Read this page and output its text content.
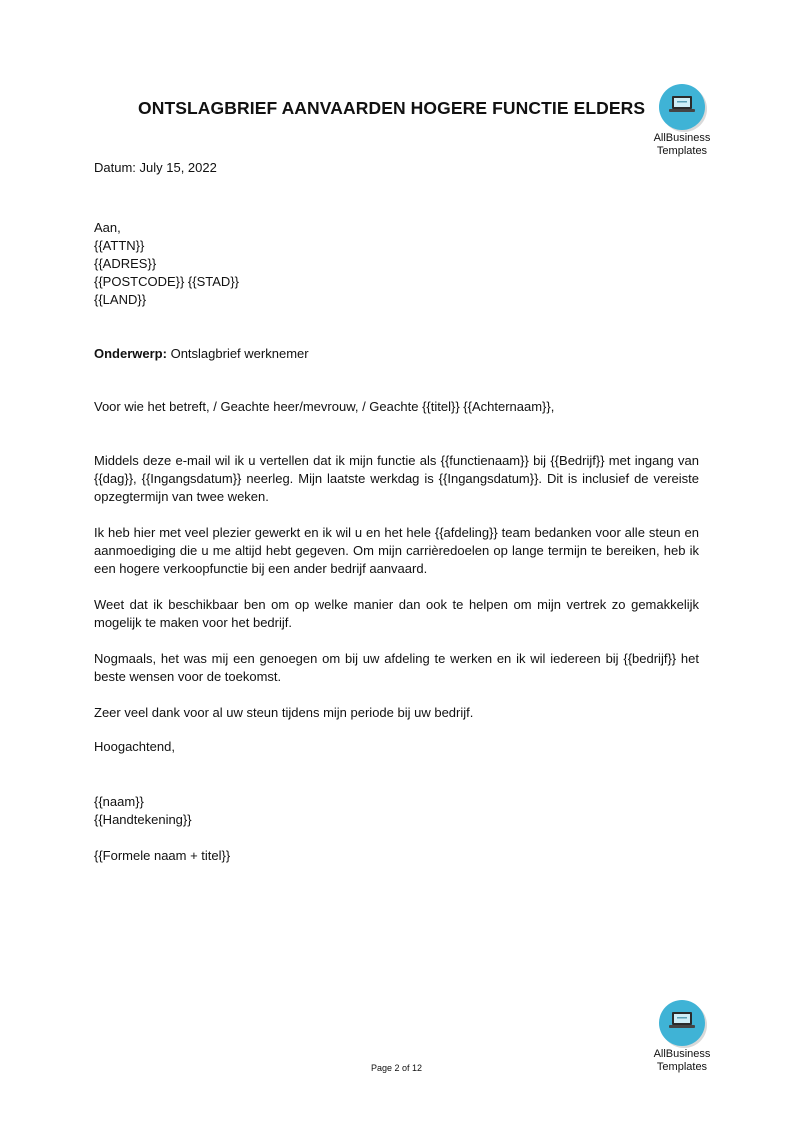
ONTSLAGBRIEF AANVAARDEN HOGERE FUNCTIE ELDERS
AllBusiness
Templates
Datum: July 15, 2022
Aan,
{{ATTN}}
{{ADRES}}
{{POSTCODE}} {{STAD}}
{{LAND}}
Onderwerp: Ontslagbrief werknemer
Voor wie het betreft, / Geachte heer/mevrouw, / Geachte {{titel}} {{Achternaam}},
Middels deze e-mail wil ik u vertellen dat ik mijn functie als {{functienaam}} bij {{Bedrijf}} met ingang van {{dag}}, {{Ingangsdatum}} neerleg. Mijn laatste werkdag is {{Ingangsdatum}}. Dit is inclusief de vereiste opzegtermijn van twee weken.
Ik heb hier met veel plezier gewerkt en ik wil u en het hele {{afdeling}} team bedanken voor alle steun en aanmoediging die u me altijd hebt gegeven. Om mijn carrièredoelen op lange termijn te bereiken, heb ik een hogere verkoopfunctie bij een ander bedrijf aanvaard.
Weet dat ik beschikbaar ben om op welke manier dan ook te helpen om mijn vertrek zo gemakkelijk mogelijk te maken voor het bedrijf.
Nogmaals, het was mij een genoegen om bij uw afdeling te werken en ik wil iedereen bij {{bedrijf}} het beste wensen voor de toekomst.
Zeer veel dank voor al uw steun tijdens mijn periode bij uw bedrijf.
Hoogachtend,
{{naam}}
{{Handtekening}}
{{Formele naam + titel}}
AllBusiness
Templates
Page 2 of 12
